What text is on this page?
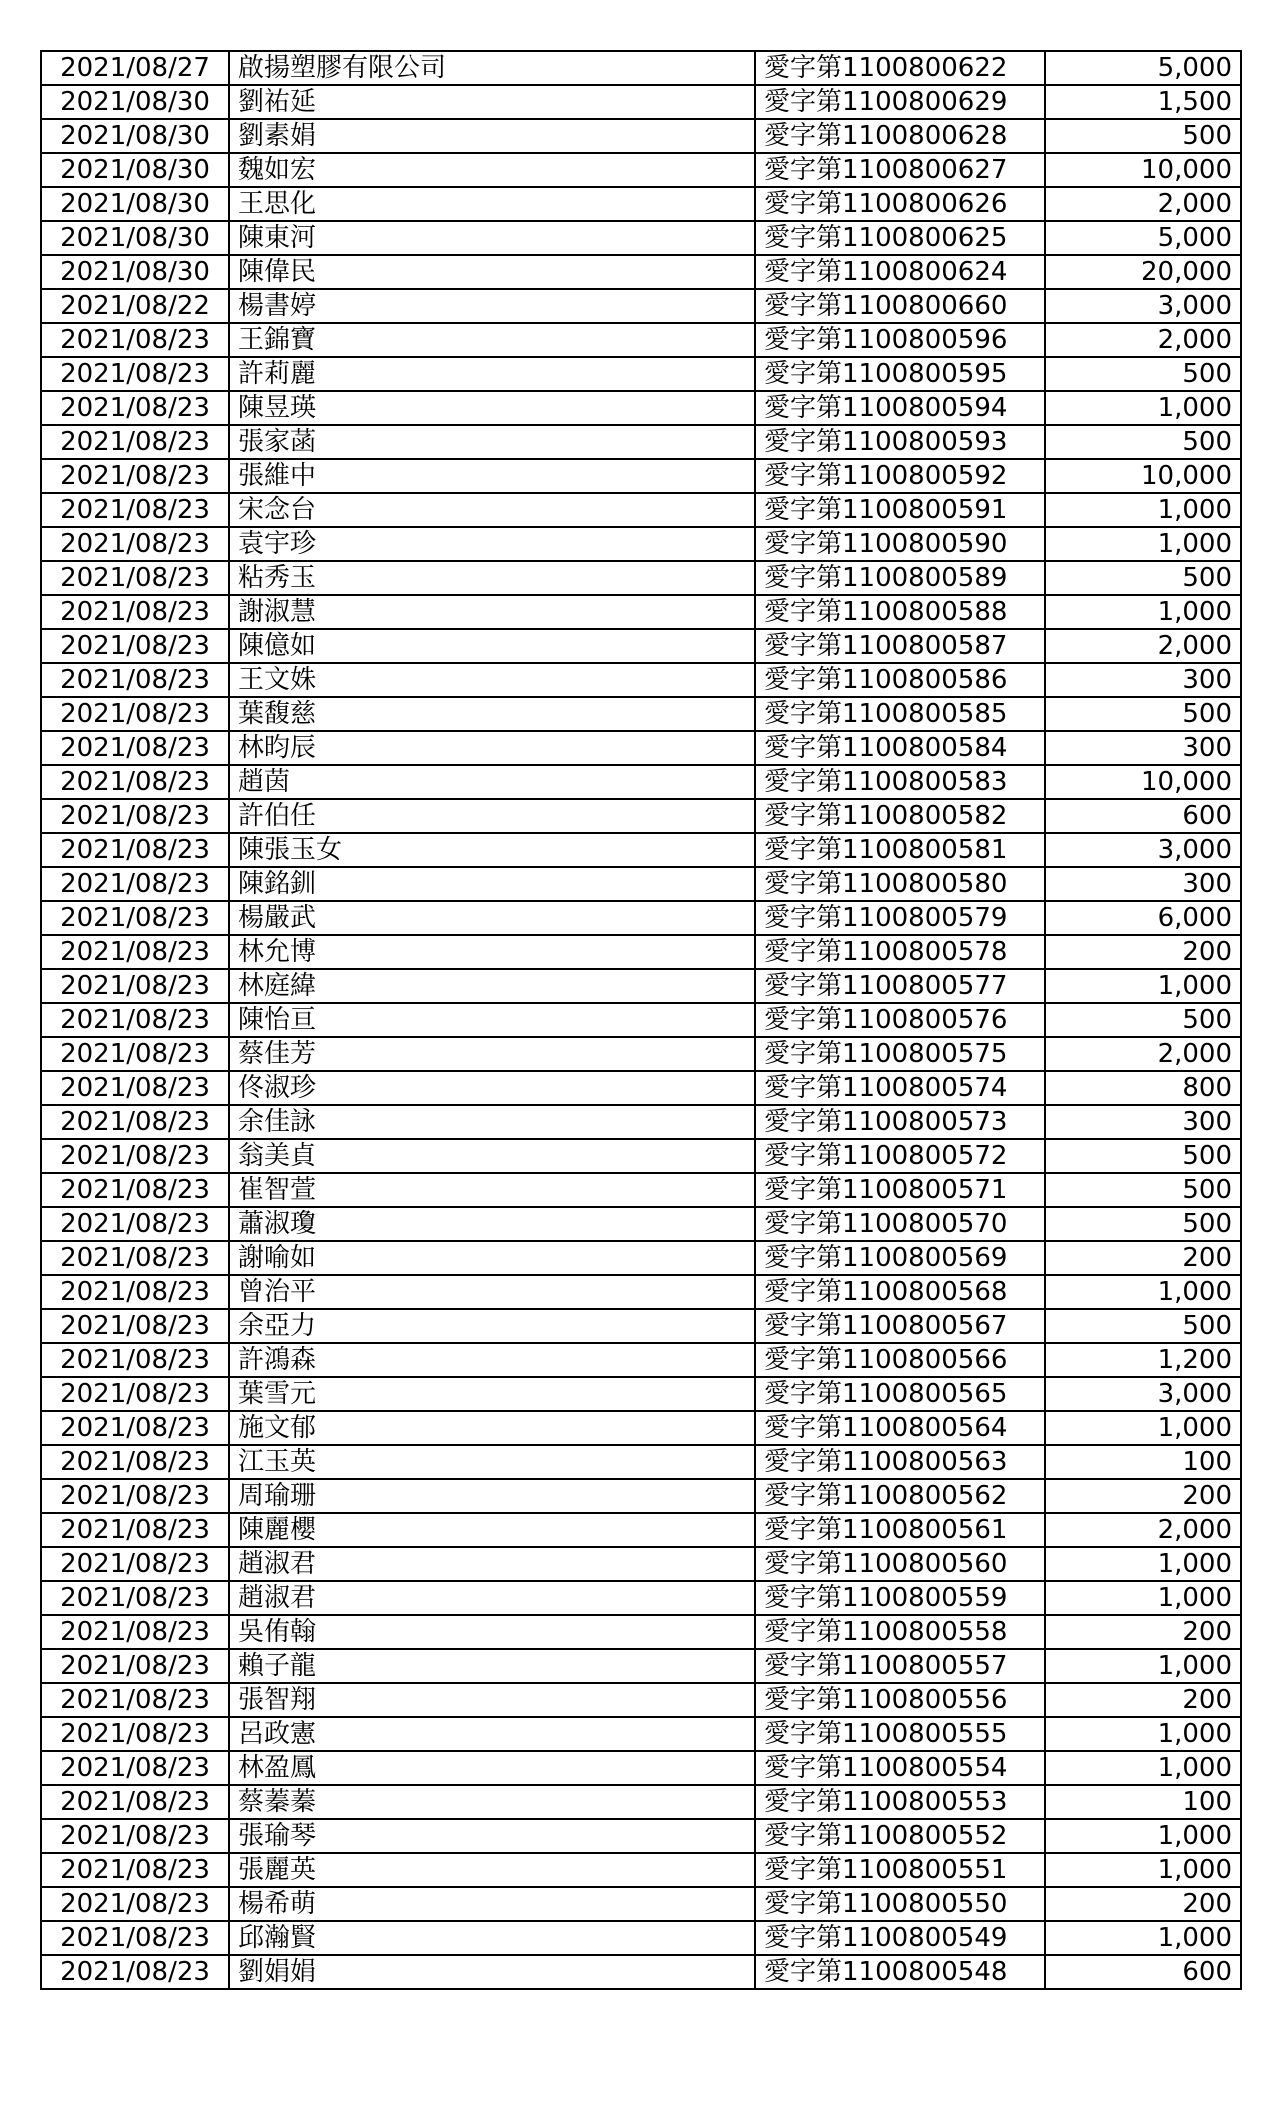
2021/08/27	啟揚塑膠有限公司	愛字第1100800622	5,000
2021/08/30	劉祐延	愛字第1100800629	1,500
2021/08/30	劉素娟	愛字第1100800628	500
2021/08/30	魏如宏	愛字第1100800627	10,000
2021/08/30	王思化	愛字第1100800626	2,000
2021/08/30	陳東河	愛字第1100800625	5,000
2021/08/30	陳偉民	愛字第1100800624	20,000
2021/08/22	楊書婷	愛字第1100800660	3,000
2021/08/23	王錦寶	愛字第1100800596	2,000
2021/08/23	許莉麗	愛字第1100800595	500
2021/08/23	陳昱瑛	愛字第1100800594	1,000
2021/08/23	張家菡	愛字第1100800593	500
2021/08/23	張維中	愛字第1100800592	10,000
2021/08/23	宋念台	愛字第1100800591	1,000
2021/08/23	袁宇珍	愛字第1100800590	1,000
2021/08/23	粘秀玉	愛字第1100800589	500
2021/08/23	謝淑慧	愛字第1100800588	1,000
2021/08/23	陳億如	愛字第1100800587	2,000
2021/08/23	王文姝	愛字第1100800586	300
2021/08/23	葉馥慈	愛字第1100800585	500
2021/08/23	林昀辰	愛字第1100800584	300
2021/08/23	趙茵	愛字第1100800583	10,000
2021/08/23	許伯任	愛字第1100800582	600
2021/08/23	陳張玉女	愛字第1100800581	3,000
2021/08/23	陳銘釧	愛字第1100800580	300
2021/08/23	楊嚴武	愛字第1100800579	6,000
2021/08/23	林允博	愛字第1100800578	200
2021/08/23	林庭緯	愛字第1100800577	1,000
2021/08/23	陳怡亘	愛字第1100800576	500
2021/08/23	蔡佳芳	愛字第1100800575	2,000
2021/08/23	佟淑珍	愛字第1100800574	800
2021/08/23	余佳詠	愛字第1100800573	300
2021/08/23	翁美貞	愛字第1100800572	500
2021/08/23	崔智萱	愛字第1100800571	500
2021/08/23	蕭淑瓊	愛字第1100800570	500
2021/08/23	謝喻如	愛字第1100800569	200
2021/08/23	曾治平	愛字第1100800568	1,000
2021/08/23	余亞力	愛字第1100800567	500
2021/08/23	許鴻森	愛字第1100800566	1,200
2021/08/23	葉雪元	愛字第1100800565	3,000
2021/08/23	施文郁	愛字第1100800564	1,000
2021/08/23	江玉英	愛字第1100800563	100
2021/08/23	周瑜珊	愛字第1100800562	200
2021/08/23	陳麗櫻	愛字第1100800561	2,000
2021/08/23	趙淑君	愛字第1100800560	1,000
2021/08/23	趙淑君	愛字第1100800559	1,000
2021/08/23	吳侑翰	愛字第1100800558	200
2021/08/23	賴子龍	愛字第1100800557	1,000
2021/08/23	張智翔	愛字第1100800556	200
2021/08/23	呂政憲	愛字第1100800555	1,000
2021/08/23	林盈鳳	愛字第1100800554	1,000
2021/08/23	蔡蓁蓁	愛字第1100800553	100
2021/08/23	張瑜琴	愛字第1100800552	1,000
2021/08/23	張麗英	愛字第1100800551	1,000
2021/08/23	楊希萌	愛字第1100800550	200
2021/08/23	邱瀚賢	愛字第1100800549	1,000
2021/08/23	劉娟娟	愛字第1100800548	600
